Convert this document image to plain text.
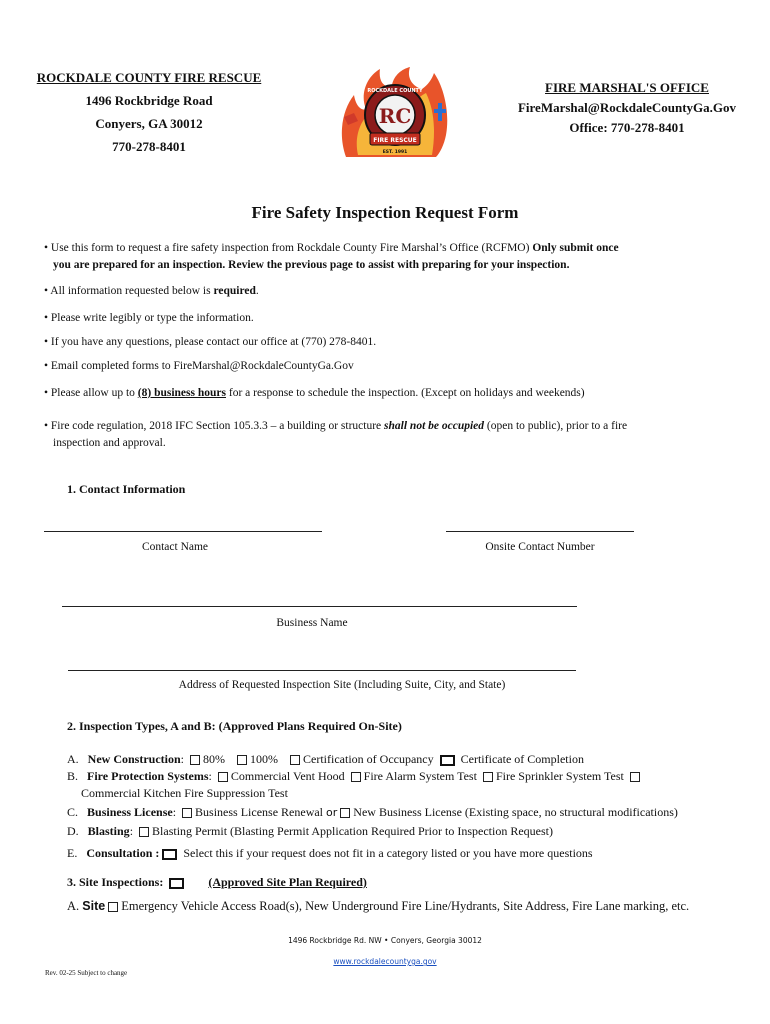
ROCKDALE COUNTY FIRE RESCUE
1496 Rockbridge Road
Conyers, GA 30012
770-278-8401
RC
FIRE RESCUE
ROCKDALE COUNTY
EST. 1991
FIRE MARSHAL'S OFFICE
FireMarshal@RockdaleCountyGa.Gov
Office: 770-278-8401
Fire Safety Inspection Request Form
• Use this form to request a fire safety inspection from Rockdale County Fire Marshal’s Office (RCFMO) Only submit once
you are prepared for an inspection. Review the previous page to assist with preparing for your inspection.
• All information requested below is required.
• Please write legibly or type the information.
• If you have any questions, please contact our office at (770) 278-8401.
• Email completed forms to FireMarshal@RockdaleCountyGa.Gov
• Please allow up to (8) business hours for a response to schedule the inspection. (Except on holidays and weekends)
• Fire code regulation, 2018 IFC Section 105.3.3 – a building or structure shall not be occupied (open to public), prior to a fire
inspection and approval.
1. Contact Information
Contact Name	Onsite Contact Number
Business Name
Address of Requested Inspection Site (Including Suite, City, and State)
2. Inspection Types, A and B: (Approved Plans Required On-Site)
A. New Construction: 80% 100% Certification of Occupancy Certificate of Completion
B. Fire Protection Systems: Commercial Vent Hood Fire Alarm System Test Fire Sprinkler System Test
Commercial Kitchen Fire Suppression Test
C. Business License: Business License Renewal or New Business License (Existing space, no structural modifications)
D. Blasting: Blasting Permit (Blasting Permit Application Required Prior to Inspection Request)
E. Consultation : Select this if your request does not fit in a category listed or you have more questions
3. Site Inspections:	(Approved Site Plan Required)
A. Site Emergency Vehicle Access Road(s), New Underground Fire Line/Hydrants, Site Address, Fire Lane marking, etc.
1496 Rockbridge Rd. NW • Conyers, Georgia 30012
www.rockdalecountyga.gov
Rev. 02-25 Subject to change
